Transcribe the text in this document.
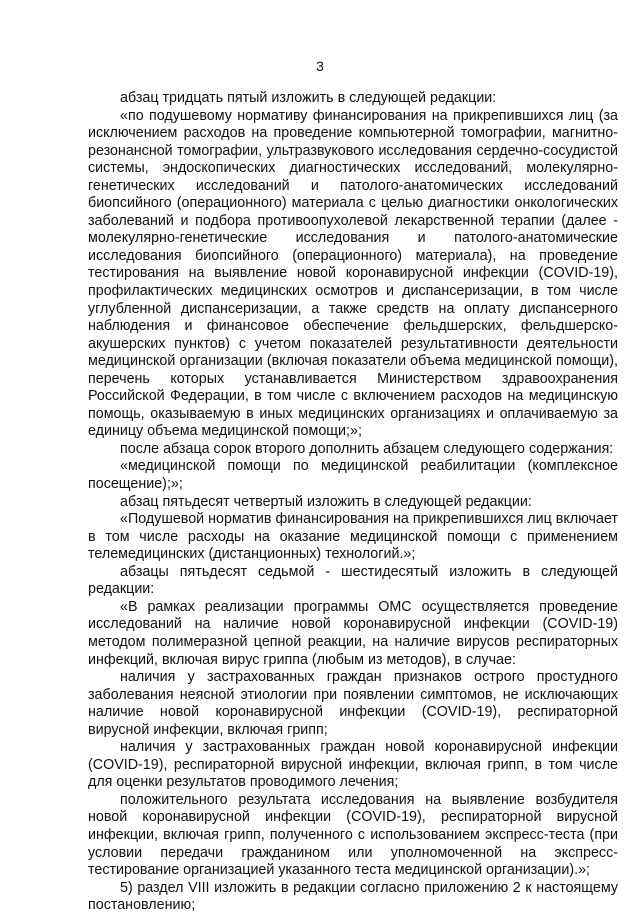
3

абзац тридцать пятый изложить в следующей редакции:

«по подушевому нормативу финансирования на прикрепившихся лиц (за исключением расходов на проведение компьютерной томографии, магнитно-резонансной томографии, ультразвукового исследования сердечно-сосудистой системы, эндоскопических диагностических исследований, молекулярно-генетических исследований и патолого-анатомических исследований биопсийного (операционного) материала с целью диагностики онкологических заболеваний и подбора противоопухолевой лекарственной терапии (далее - молекулярно-генетические исследования и патолого-анатомические исследования биопсийного (операционного) материала), на проведение тестирования на выявление новой коронавирусной инфекции (COVID-19), профилактических медицинских осмотров и диспансеризации, в том числе углубленной диспансеризации, а также средств на оплату диспансерного наблюдения и финансовое обеспечение фельдшерских, фельдшерско-акушерских пунктов) с учетом показателей результативности деятельности медицинской организации (включая показатели объема медицинской помощи), перечень которых устанавливается Министерством здравоохранения Российской Федерации, в том числе с включением расходов на медицинскую помощь, оказываемую в иных медицинских организациях и оплачиваемую за единицу объема медицинской помощи;»;

после абзаца сорок второго дополнить абзацем следующего содержания:

«медицинской помощи по медицинской реабилитации (комплексное посещение);»;

абзац пятьдесят четвертый изложить в следующей редакции:

«Подушевой норматив финансирования на прикрепившихся лиц включает в том числе расходы на оказание медицинской помощи с применением телемедицинских (дистанционных) технологий.»;

абзацы пятьдесят седьмой - шестидесятый изложить в следующей редакции:

«В рамках реализации программы ОМС осуществляется проведение исследований на наличие новой коронавирусной инфекции (COVID-19) методом полимеразной цепной реакции, на наличие вирусов респираторных инфекций, включая вирус гриппа (любым из методов), в случае:

наличия у застрахованных граждан признаков острого простудного заболевания неясной этиологии при появлении симптомов, не исключающих наличие новой коронавирусной инфекции (COVID-19), респираторной вирусной инфекции, включая грипп;

наличия у застрахованных граждан новой коронавирусной инфекции (COVID-19), респираторной вирусной инфекции, включая грипп, в том числе для оценки результатов проводимого лечения;

положительного результата исследования на выявление возбудителя новой коронавирусной инфекции (COVID-19), респираторной вирусной инфекции, включая грипп, полученного с использованием экспресс-теста (при условии передачи гражданином или уполномоченной на экспресс-тестирование организацией указанного теста медицинской организации).»;

5) раздел VIII изложить в редакции согласно приложению 2 к настоящему постановлению;
